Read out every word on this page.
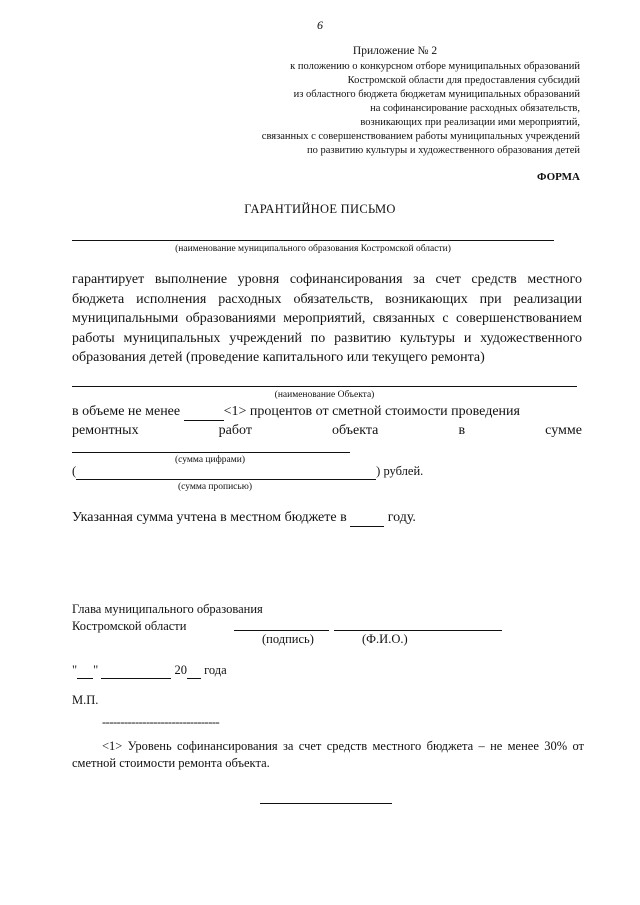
6
Приложение № 2
к положению о конкурсном отборе муниципальных образований
Костромской области для предоставления субсидий
из областного бюджета бюджетам муниципальных образований
на софинансирование расходных обязательств,
возникающих при реализации ими мероприятий,
связанных с совершенствованием работы муниципальных учреждений
по развитию культуры и художественного образования детей
ФОРМА
ГАРАНТИЙНОЕ ПИСЬМО
(наименование муниципального образования Костромской области)
гарантирует выполнение уровня софинансирования за счет средств местного бюджета исполнения расходных обязательств, возникающих при реализации муниципальными образованиями мероприятий, связанных с совершенствованием работы муниципальных учреждений по развитию культуры и художественного образования детей (проведение капитального или текущего ремонта)
(наименование Объекта)
в объеме не менее	<1> процентов от сметной стоимости проведения
ремонтных	работ	объекта	в	сумме
(сумма цифрами)
(	) рублей.
(сумма прописью)
Указанная сумма учтена в местном бюджете в	году.
Глава муниципального образования
Костромской области
(подпись)	(Ф.И.О.)
" "	20 года
М.П.
--------------------------------
<1> Уровень софинансирования за счет средств местного бюджета – не менее 30% от сметной стоимости ремонта объекта.
